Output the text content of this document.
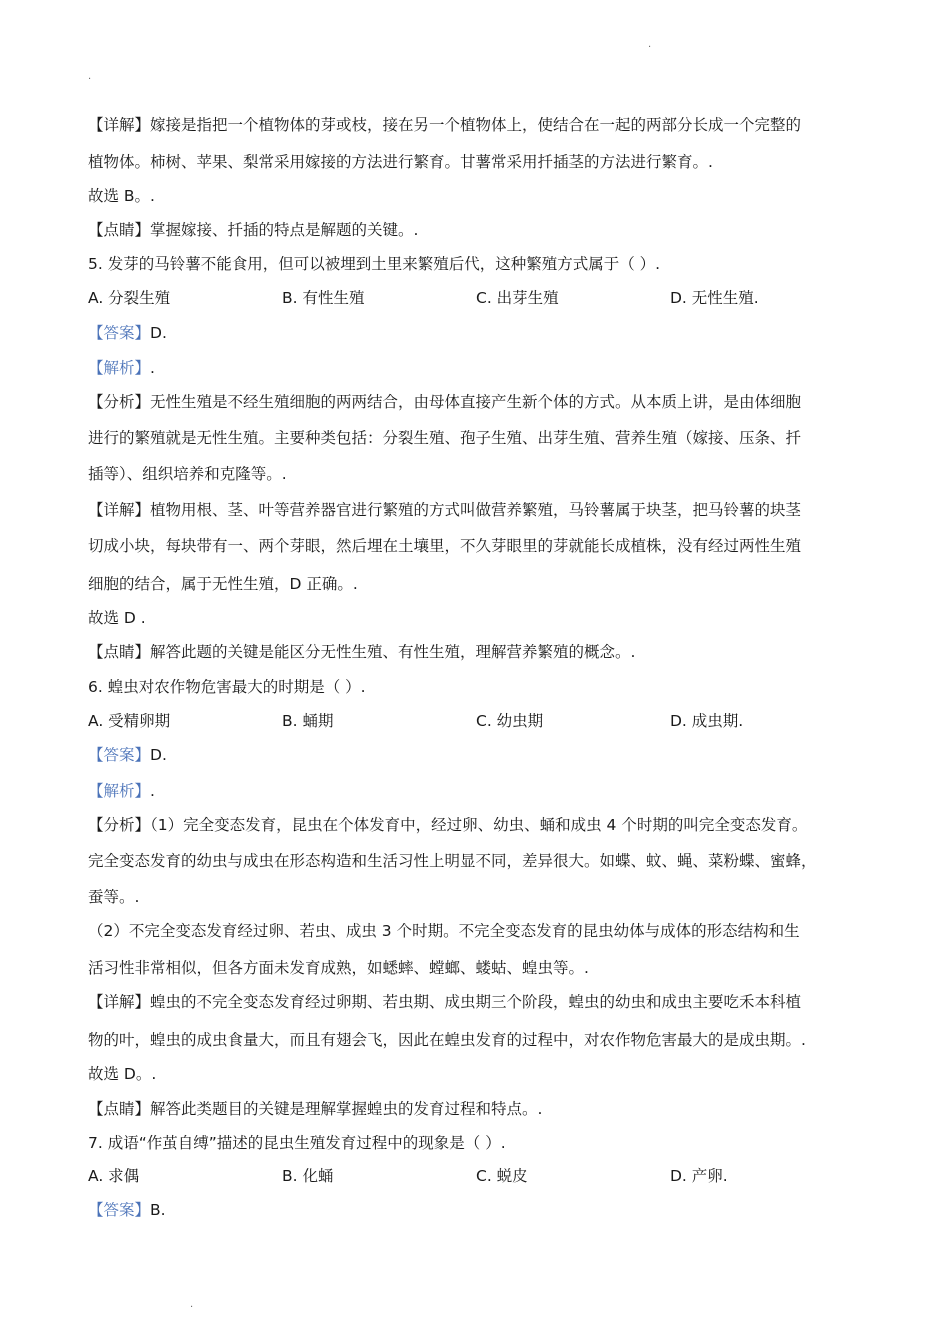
.
.
【详解】嫁接是指把一个植物体的芽或枝，接在另一个植物体上，使结合在一起的两部分长成一个完整的
植物体。柿树、苹果、梨常采用嫁接的方法进行繁育。甘薯常采用扦插茎的方法进行繁育。.
故选 B。.
【点睛】掌握嫁接、扦插的特点是解题的关键。.
5. 发芽的马铃薯不能食用，但可以被埋到土里来繁殖后代，这种繁殖方式属于（ ）.
A. 分裂生殖	B. 有性生殖	C. 出芽生殖	D. 无性生殖.
【答案】D.
【解析】.
【分析】无性生殖是不经生殖细胞的两两结合，由母体直接产生新个体的方式。从本质上讲，是由体细胞
进行的繁殖就是无性生殖。主要种类包括：分裂生殖、孢子生殖、出芽生殖、营养生殖（嫁接、压条、扦
插等）、组织培养和克隆等。.
【详解】植物用根、茎、叶等营养器官进行繁殖的方式叫做营养繁殖，马铃薯属于块茎，把马铃薯的块茎
切成小块，每块带有一、两个芽眼，然后埋在土壤里，不久芽眼里的芽就能长成植株，没有经过两性生殖
细胞的结合，属于无性生殖，D 正确。.
故选 D .
【点睛】解答此题的关键是能区分无性生殖、有性生殖，理解营养繁殖的概念。.
6. 蝗虫对农作物危害最大的时期是（ ）.
A. 受精卵期	B. 蛹期	C. 幼虫期	D. 成虫期.
【答案】D.
【解析】.
【分析】（1）完全变态发育，昆虫在个体发育中，经过卵、幼虫、蛹和成虫 4 个时期的叫完全变态发育。
完全变态发育的幼虫与成虫在形态构造和生活习性上明显不同，差异很大。如蝶、蚊、蝇、菜粉蝶、蜜蜂，
蚕等。.
（2）不完全变态发育经过卵、若虫、成虫 3 个时期。不完全变态发育的昆虫幼体与成体的形态结构和生
活习性非常相似，但各方面未发育成熟，如蟋蟀、螳螂、蝼蛄、蝗虫等。.
【详解】蝗虫的不完全变态发育经过卵期、若虫期、成虫期三个阶段，蝗虫的幼虫和成虫主要吃禾本科植
物的叶，蝗虫的成虫食量大，而且有翅会飞，因此在蝗虫发育的过程中，对农作物危害最大的是成虫期。.
故选 D。.
【点睛】解答此类题目的关键是理解掌握蝗虫的发育过程和特点。.
7. 成语“作茧自缚”描述的昆虫生殖发育过程中的现象是（ ）.
A. 求偶	B. 化蛹	C. 蜕皮	D. 产卵.
【答案】B.
.
